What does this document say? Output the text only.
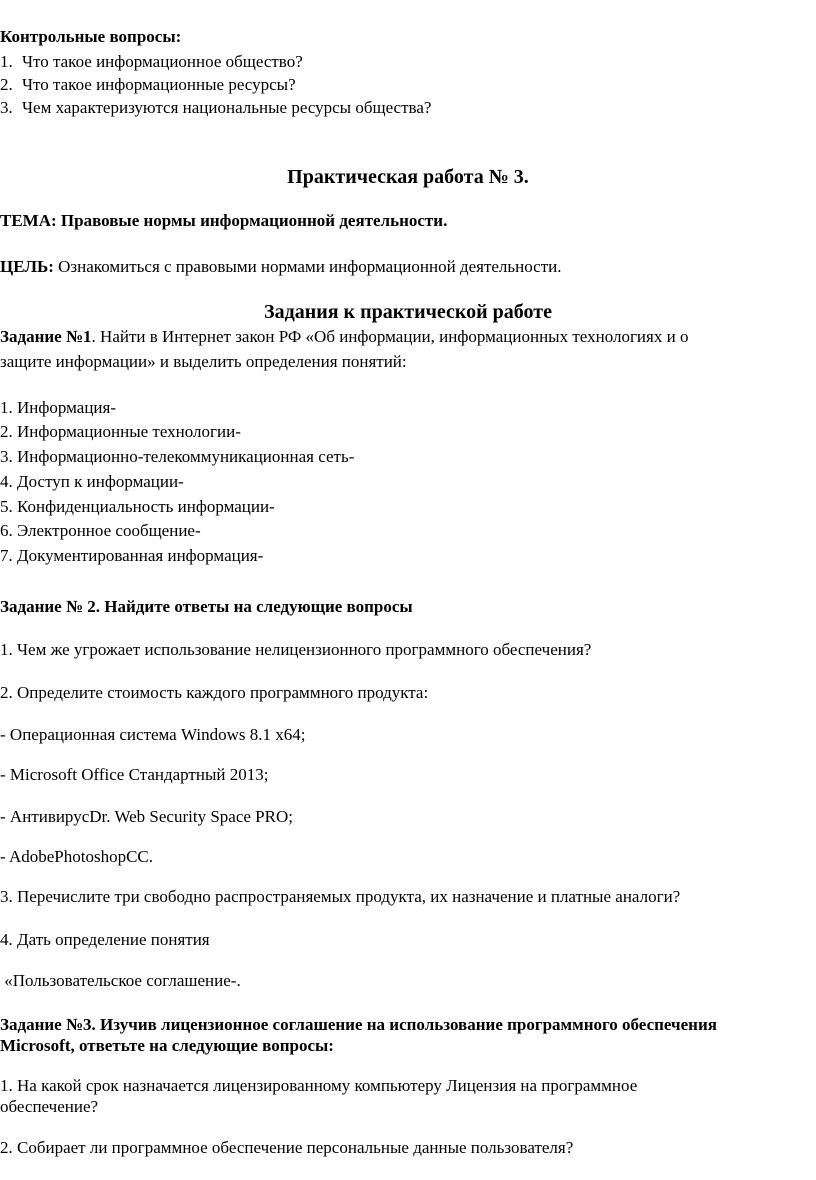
Контрольные вопросы:
1. Что такое информационное общество?
2. Что такое информационные ресурсы?
3. Чем характеризуются национальные ресурсы общества?
Практическая работа № 3.
ТЕМА: Правовые нормы информационной деятельности.
ЦЕЛЬ: Ознакомиться с правовыми нормами информационной деятельности.
Задания к практической работе
Задание №1. Найти в Интернет закон РФ «Об информации, информационных технологиях и о
защите информации» и выделить определения понятий:
1. Информация-
2. Информационные технологии-
3. Информационно-телекоммуникационная сеть-
4. Доступ к информации-
5. Конфиденциальность информации-
6. Электронное сообщение-
7. Документированная информация-
Задание № 2. Найдите ответы на следующие вопросы
1. Чем же угрожает использование нелицензионного программного обеспечения?
2. Определите стоимость каждого программного продукта:
- Операционная система Windows 8.1 x64;
- Microsoft Office Стандартный 2013;
- АнтивирусDr. Web Security Space PRO;
- AdobePhotoshopCC.
3. Перечислите три свободно распространяемых продукта, их назначение и платные аналоги?
4. Дать определение понятия
«Пользовательское соглашение-.
Задание №3. Изучив лицензионное соглашение на использование программного обеспечения
Microsoft, ответьте на следующие вопросы:
1. На какой срок назначается лицензированному компьютеру Лицензия на программное
обеспечение?
2. Собирает ли программное обеспечение персональные данные пользователя?
